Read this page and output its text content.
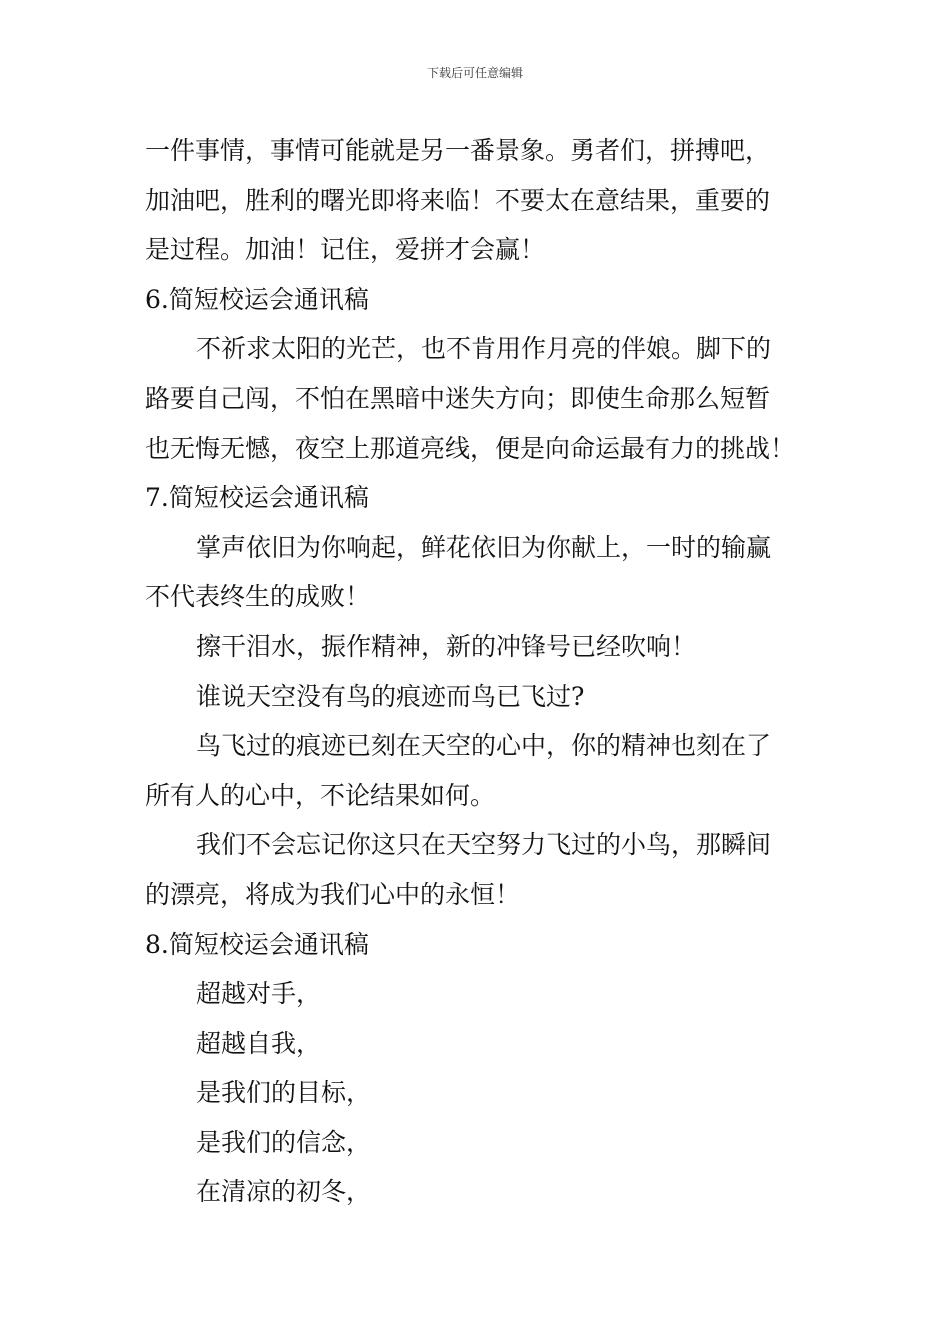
下载后可任意编辑
一件事情，事情可能就是另一番景象。勇者们，拼搏吧，
加油吧，胜利的曙光即将来临！不要太在意结果，重要的
是过程。加油！记住，爱拼才会赢！
6.简短校运会通讯稿
不祈求太阳的光芒，也不肯用作月亮的伴娘。脚下的
路要自己闯，不怕在黑暗中迷失方向；即使生命那么短暂
也无悔无憾，夜空上那道亮线，便是向命运最有力的挑战！
7.简短校运会通讯稿
掌声依旧为你响起，鲜花依旧为你献上，一时的输赢
不代表终生的成败！
擦干泪水，振作精神，新的冲锋号已经吹响！
谁说天空没有鸟的痕迹而鸟已飞过?
鸟飞过的痕迹已刻在天空的心中，你的精神也刻在了
所有人的心中，不论结果如何。
我们不会忘记你这只在天空努力飞过的小鸟，那瞬间
的漂亮，将成为我们心中的永恒！
8.简短校运会通讯稿
超越对手，
超越自我，
是我们的目标，
是我们的信念，
在清凉的初冬，
